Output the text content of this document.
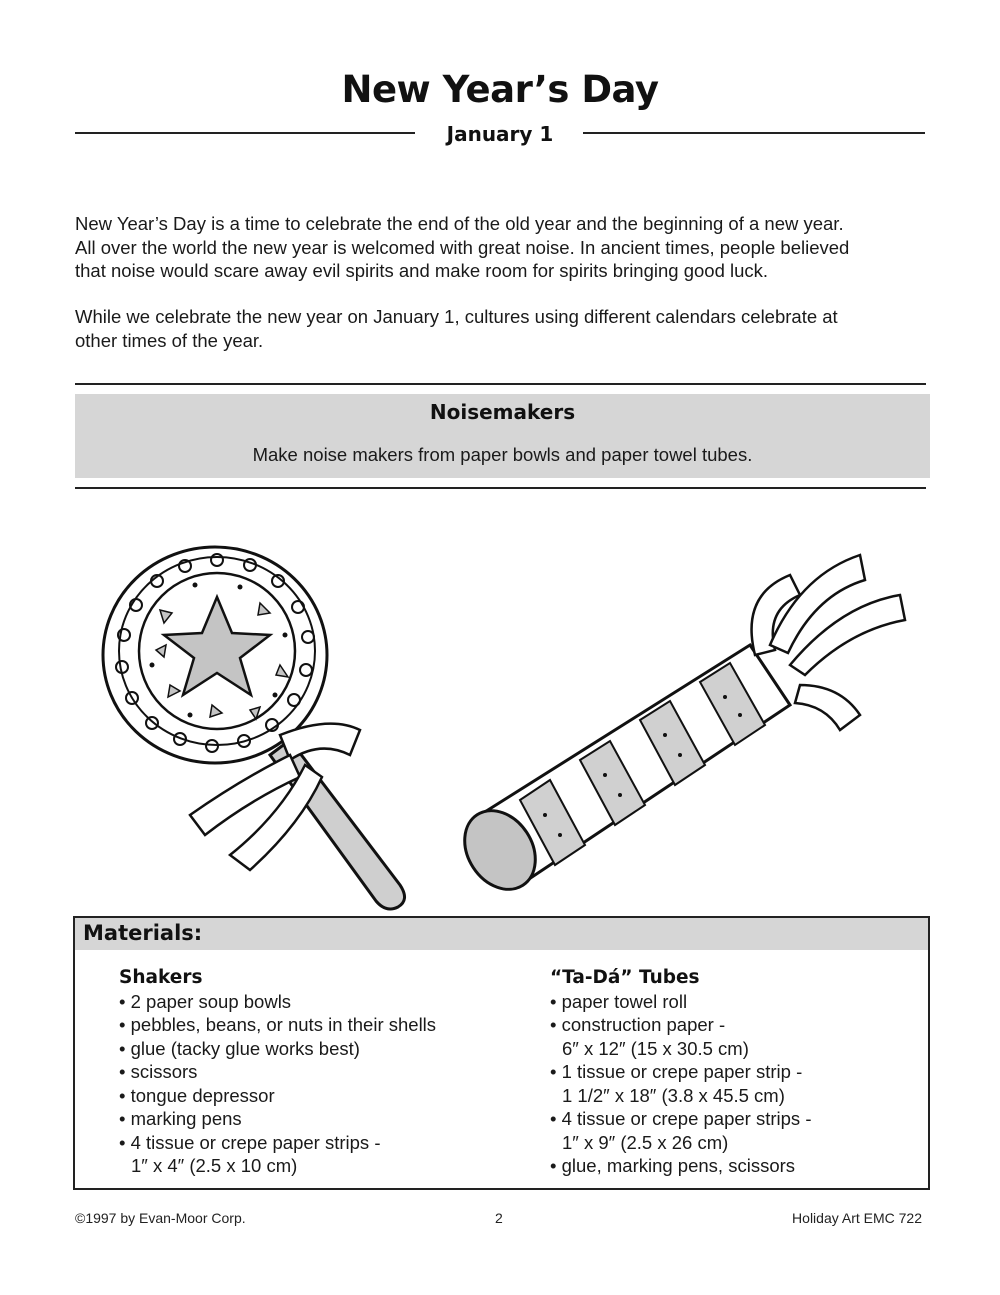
New Year’s Day
January 1
New Year’s Day is a time to celebrate the end of the old year and the beginning of a new year.
All over the world the new year is welcomed with great noise. In ancient times, people believed
that noise would scare away evil spirits and make room for spirits bringing good luck.
While we celebrate the new year on January 1, cultures using different calendars celebrate at
other times of the year.
Noisemakers
Make noise makers from paper bowls and paper towel tubes.
Materials:
Shakers
• 2 paper soup bowls
• pebbles, beans, or nuts in their shells
• glue (tacky glue works best)
• scissors
• tongue depressor
• marking pens
• 4 tissue or crepe paper strips -
1″ x 4″ (2.5 x 10 cm)
“Ta-Dá” Tubes
• paper towel roll
• construction paper -
6″ x 12″ (15 x 30.5 cm)
• 1 tissue or crepe paper strip -
1 1/2″ x 18″ (3.8 x 45.5 cm)
• 4 tissue or crepe paper strips -
1″ x 9″ (2.5 x 26 cm)
• glue, marking pens, scissors
©1997 by Evan-Moor Corp.	2	Holiday Art EMC 722
